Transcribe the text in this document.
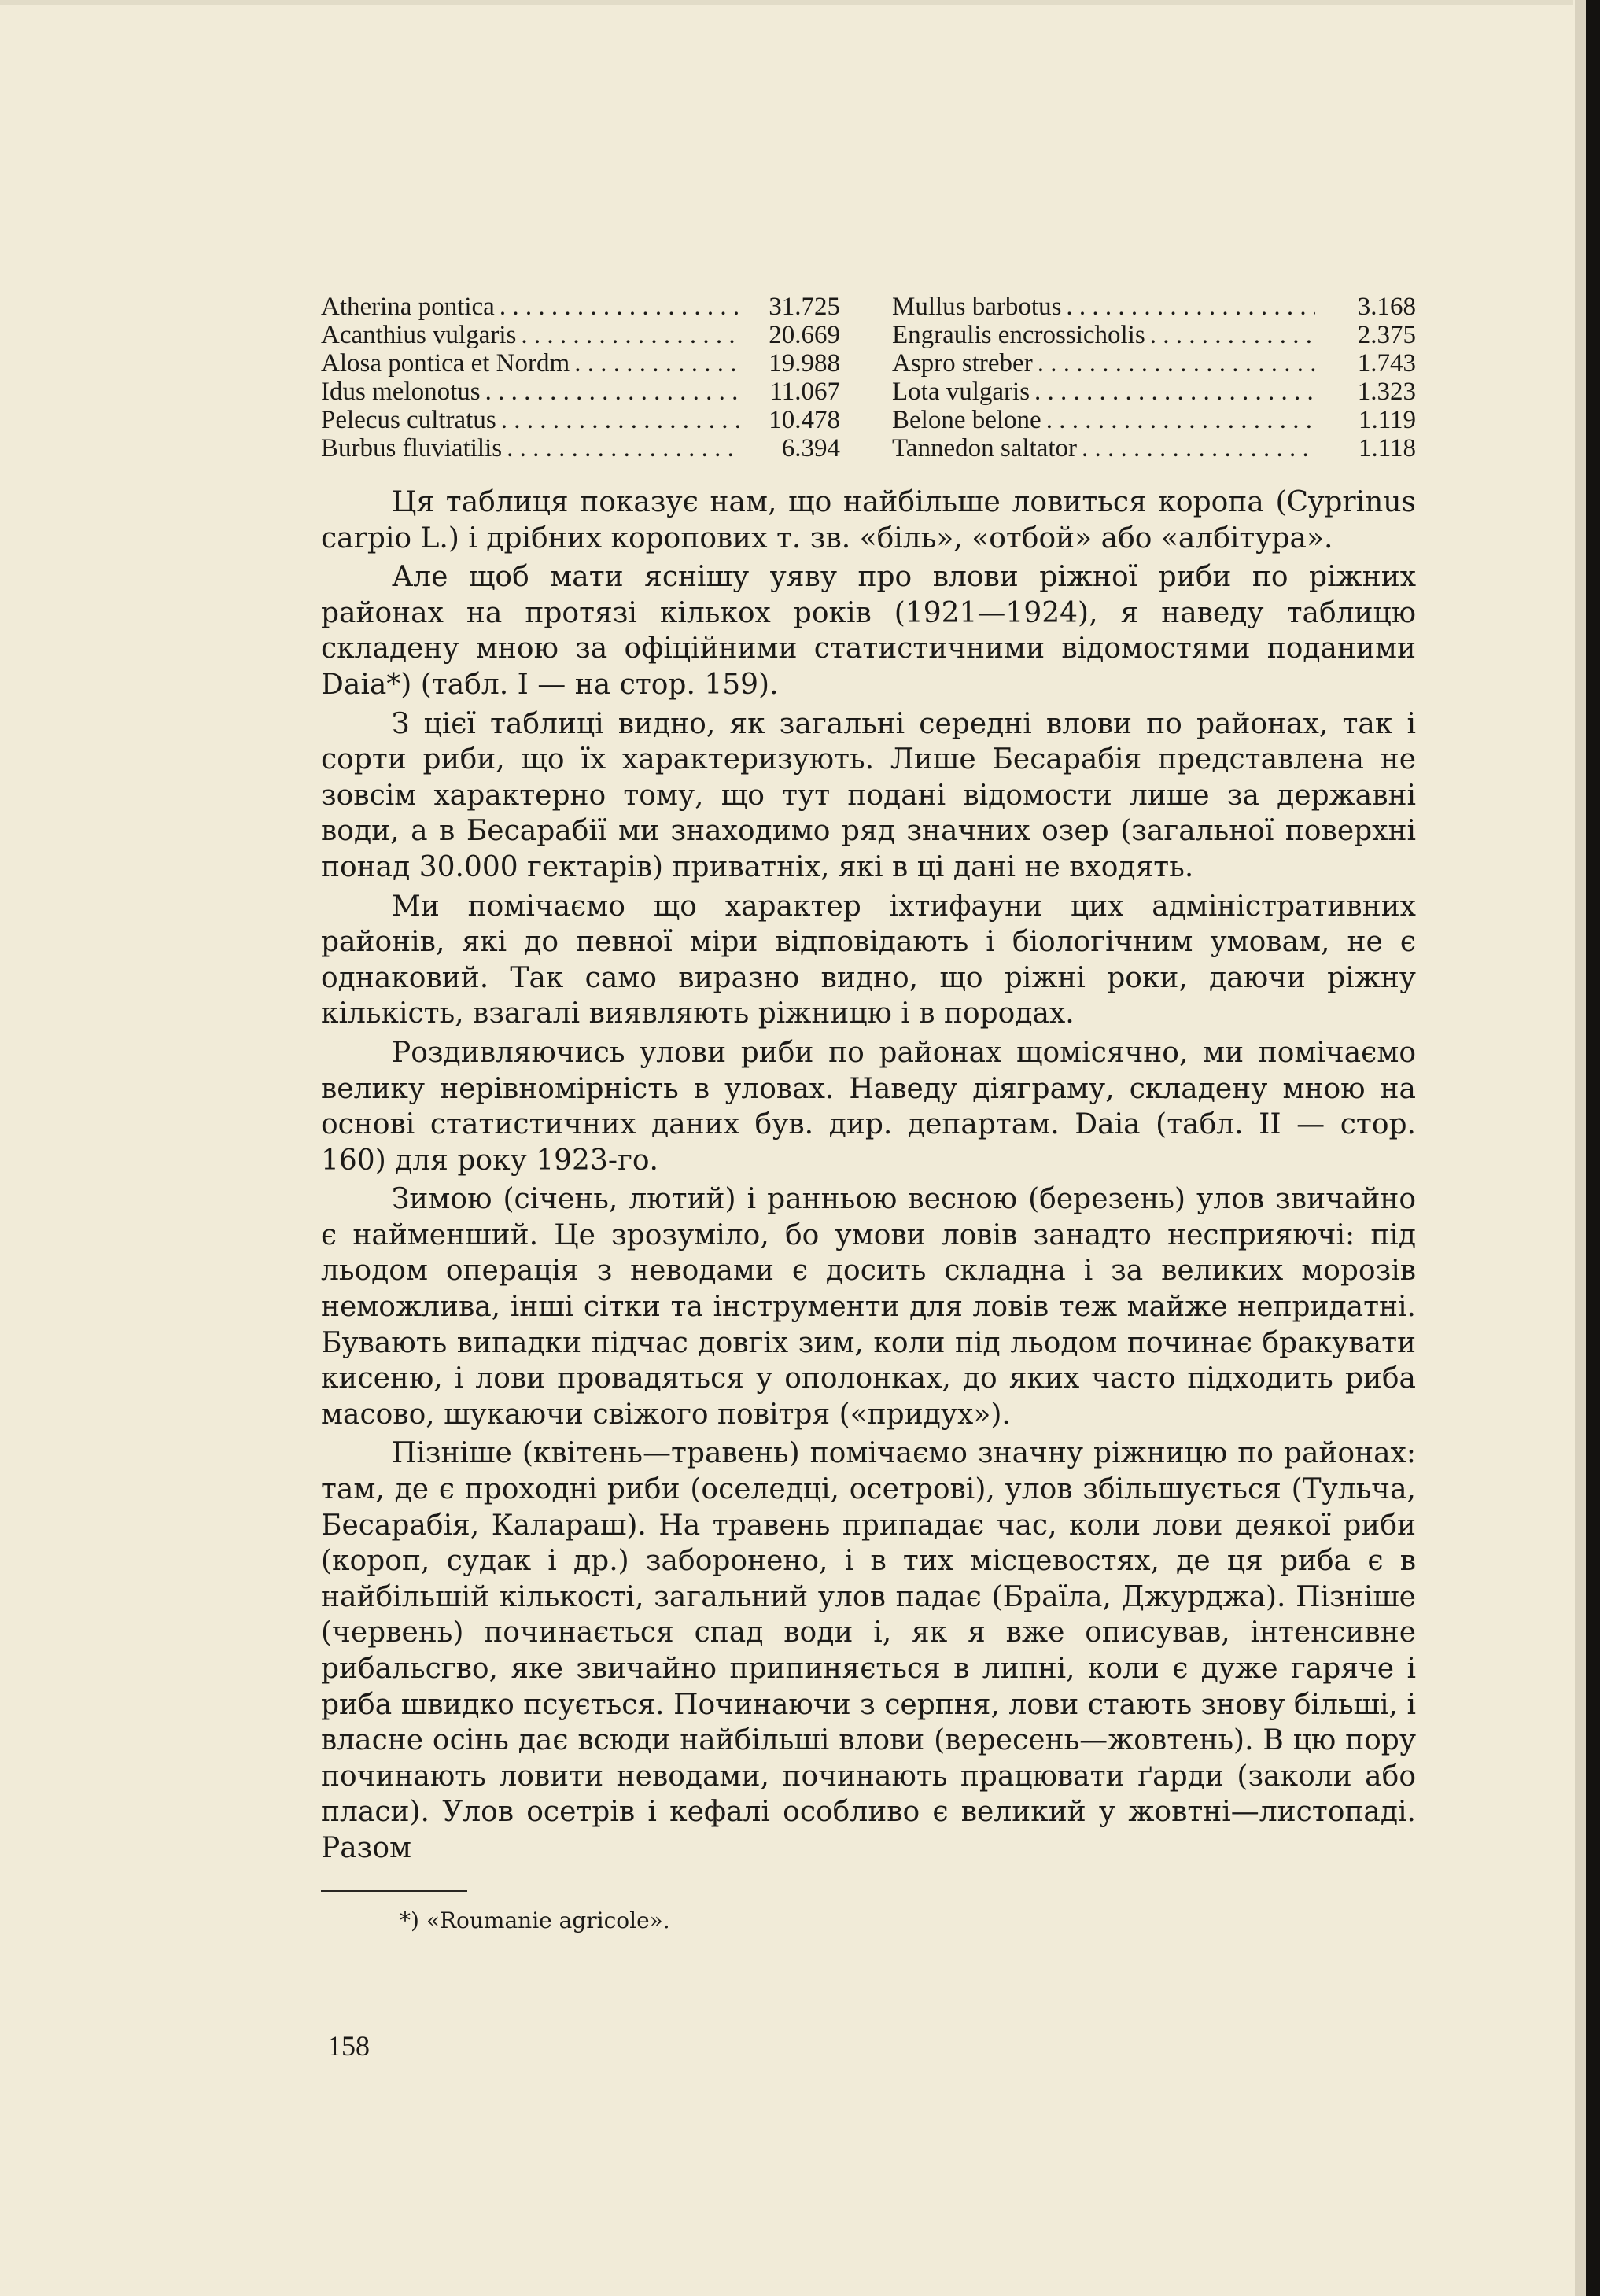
Atherina pontica . . .	31.725
Acanthius vulgaris . . .	20.669
Alosa pontica et Nordm . . .	19.988
Idus melonotus . . .	11.067
Pelecus cultratus . . .	10.478
Burbus fluviatilis . . .	6.394
Mullus barbotus . . .	3.168
Engraulis encrossicholis . . .	2.375
Aspro streber . . .	1.743
Lota vulgaris . . .	1.323
Belone belone . . .	1.119
Tannedon saltator . . .	1.118

Ця таблиця показує нам, що найбільше ловиться коропа (Cyprinus carpio L.) і дрібних коропових т. зв. «біль», «отбой» або «албітура».

Але щоб мати яснішу уяву про влови ріжної риби по ріжних районах на протязі кількох років (1921—1924), я наведу таблицю складену мною за офіційними статистичними відомостями поданими Daia*) (табл. I — на стор. 159).

З цієї таблиці видно, як загальні середні влови по районах, так і сорти риби, що їх характеризують. Лише Бесарабія представлена не зовсім характерно тому, що тут подані відомости лише за державні води, а в Бесарабії ми знаходимо ряд значних озер (загальної поверхні понад 30.000 гектарів) приватніх, які в ці дані не входять.

Ми помічаємо що характер іхтифауни цих адміністративних районів, які до певної міри відповідають і біологічним умовам, не є однаковий. Так само виразно видно, що ріжні роки, даючи ріжну кількість, взагалі виявляють ріжницю і в породах.

Роздивляючись улови риби по районах щомісячно, ми помічаємо велику нерівномірність в уловах. Наведу діяграму, складену мною на основі статистичних даних був. дир. департам. Daia (табл. II — стор. 160) для року 1923-го.

Зимою (січень, лютий) і ранньою весною (березень) улов звичайно є найменший. Це зрозуміло, бо умови ловів занадто несприяючі: під льодом операція з неводами є досить складна і за великих морозів неможлива, інші сітки та інструменти для ловів теж майже непридатні. Бувають випадки підчас довгіх зим, коли під льодом починає бракувати кисеню, і лови провадяться у ополонках, до яких часто підходить риба масово, шукаючи свіжого повітря («придух»).

Пізніше (квітень—травень) помічаємо значну ріжницю по районах: там, де є проходні риби (оселедці, осетрові), улов збільшується (Тульча, Бесарабія, Калараш). На травень припадає час, коли лови деякої риби (короп, судак і др.) заборонено, і в тих місцевостях, де ця риба є в найбільшій кількості, загальний улов падає (Браїла, Джурджа). Пізніше (червень) починається спад води і, як я вже описував, інтенсивне рибальсгво, яке звичайно припиняється в липні, коли є дуже гаряче і риба швидко псується. Починаючи з серпня, лови стають знову більші, і власне осінь дає всюди найбільші влови (вересень—жовтень). В цю пору починають ловити неводами, починають працювати ґарди (заколи або пласи). Улов осетрів і кефалі особливо є великий у жовтні—листопаді. Разом

*) «Roumanie agricole».
158
